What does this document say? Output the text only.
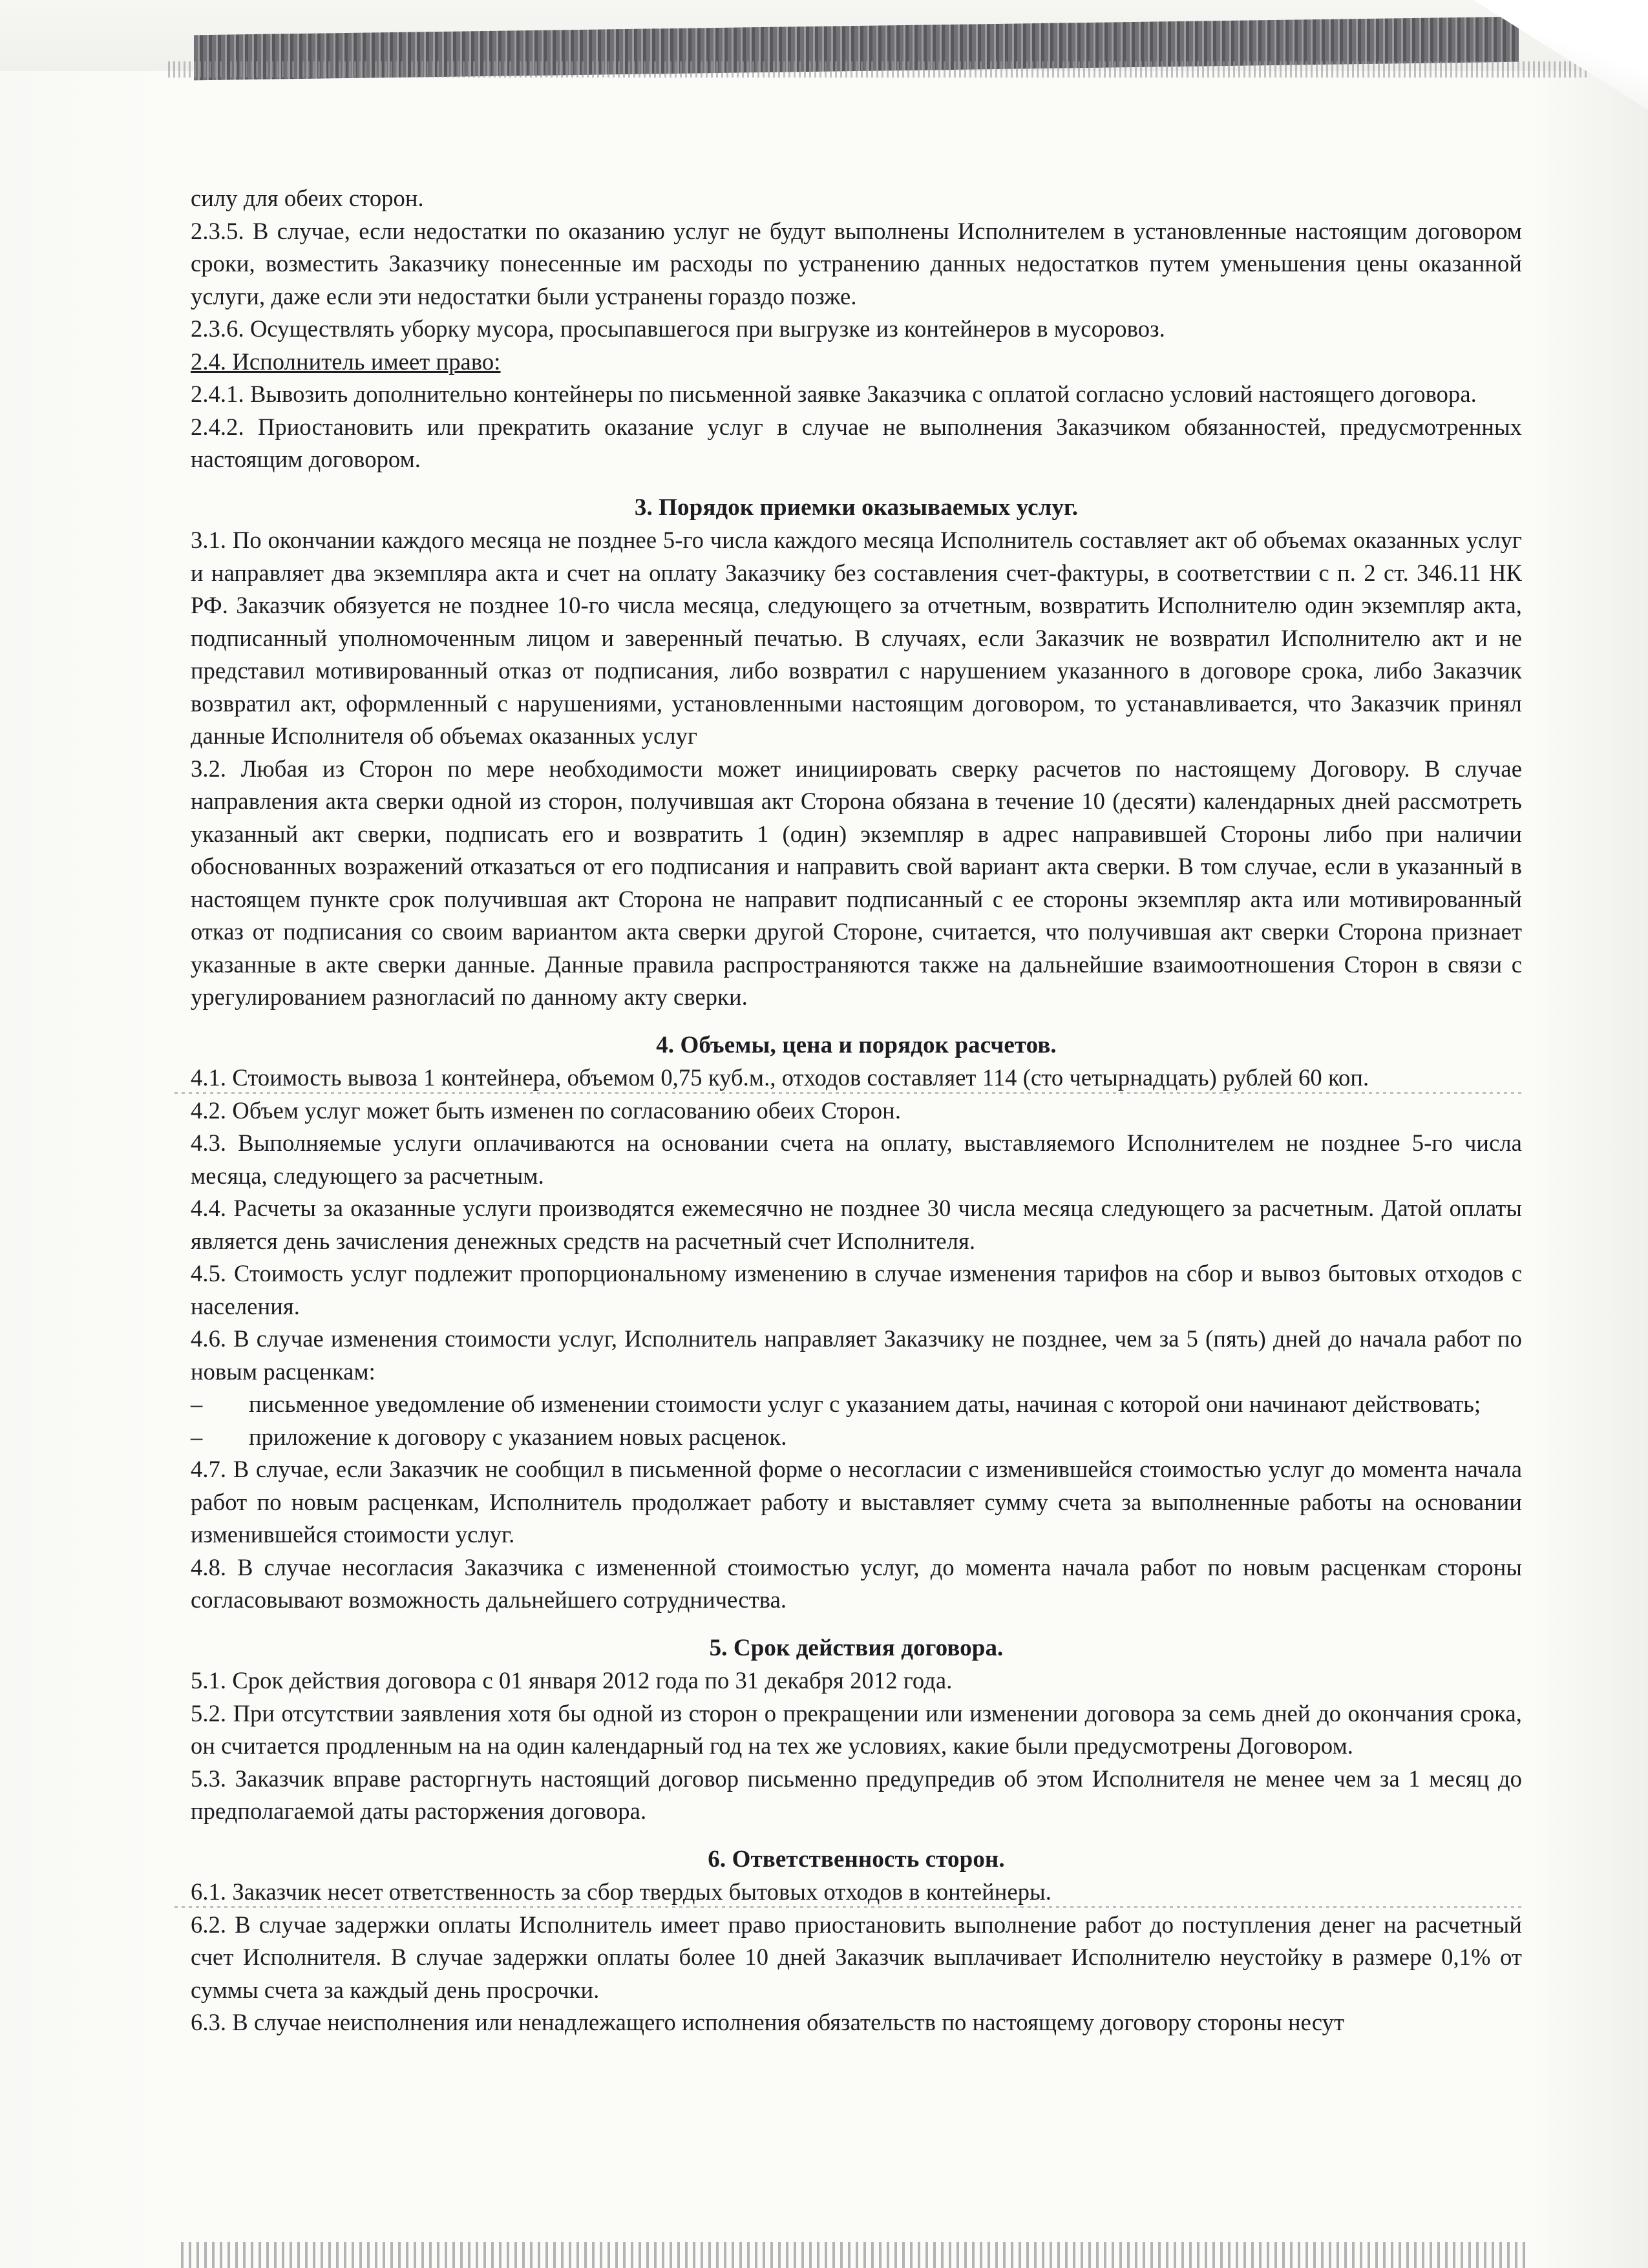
силу для обеих сторон.

2.3.5. В случае, если недостатки по оказанию услуг не будут выполнены Исполнителем в установленные настоящим договором сроки, возместить Заказчику понесенные им расходы по устранению данных недостатков путем уменьшения цены оказанной услуги, даже если эти недостатки были устранены гораздо позже.

2.3.6. Осуществлять уборку мусора, просыпавшегося при выгрузке из контейнеров в мусоровоз.

2.4. Исполнитель имеет право:

2.4.1. Вывозить дополнительно контейнеры по письменной заявке Заказчика с оплатой согласно условий настоящего договора.

2.4.2. Приостановить или прекратить оказание услуг в случае не выполнения Заказчиком обязанностей, предусмотренных настоящим договором.

3. Порядок приемки оказываемых услуг.

3.1. По окончании каждого месяца не позднее 5-го числа каждого месяца Исполнитель составляет акт об объемах оказанных услуг и направляет два экземпляра акта и счет на оплату Заказчику без составления счет-фактуры, в соответствии с п. 2 ст. 346.11 НК РФ. Заказчик обязуется не позднее 10-го числа месяца, следующего за отчетным, возвратить Исполнителю один экземпляр акта, подписанный уполномоченным лицом и заверенный печатью. В случаях, если Заказчик не возвратил Исполнителю акт и не представил мотивированный отказ от подписания, либо возвратил с нарушением указанного в договоре срока, либо Заказчик возвратил акт, оформленный с нарушениями, установленными настоящим договором, то устанавливается, что Заказчик принял данные Исполнителя об объемах оказанных услуг

3.2. Любая из Сторон по мере необходимости может инициировать сверку расчетов по настоящему Договору. В случае направления акта сверки одной из сторон, получившая акт Сторона обязана в течение 10 (десяти) календарных дней рассмотреть указанный акт сверки, подписать его и возвратить 1 (один) экземпляр в адрес направившей Стороны либо при наличии обоснованных возражений отказаться от его подписания и направить свой вариант акта сверки. В том случае, если в указанный в настоящем пункте срок получившая акт Сторона не направит подписанный с ее стороны экземпляр акта или мотивированный отказ от подписания со своим вариантом акта сверки другой Стороне, считается, что получившая акт сверки Сторона признает указанные в акте сверки данные. Данные правила распространяются также на дальнейшие взаимоотношения Сторон в связи с урегулированием разногласий по данному акту сверки.

4. Объемы, цена и порядок расчетов.

4.1. Стоимость вывоза 1 контейнера, объемом 0,75 куб.м., отходов составляет 114 (сто четырнадцать) рублей 60 коп.

4.2. Объем услуг может быть изменен по согласованию обеих Сторон.

4.3. Выполняемые услуги оплачиваются на основании счета на оплату, выставляемого Исполнителем не позднее 5-го числа месяца, следующего за расчетным.

4.4. Расчеты за оказанные услуги производятся ежемесячно не позднее 30 числа месяца следующего за расчетным. Датой оплаты является день зачисления денежных средств на расчетный счет Исполнителя.

4.5. Стоимость услуг подлежит пропорциональному изменению в случае изменения тарифов на сбор и вывоз бытовых отходов с населения.

4.6. В случае изменения стоимости услуг, Исполнитель направляет Заказчику не позднее, чем за 5 (пять) дней до начала работ по новым расценкам:

– письменное уведомление об изменении стоимости услуг с указанием даты, начиная с которой они начинают действовать;

– приложение к договору с указанием новых расценок.

4.7. В случае, если Заказчик не сообщил в письменной форме о несогласии с изменившейся стоимостью услуг до момента начала работ по новым расценкам, Исполнитель продолжает работу и выставляет сумму счета за выполненные работы на основании изменившейся стоимости услуг.

4.8. В случае несогласия Заказчика с измененной стоимостью услуг, до момента начала работ по новым расценкам стороны согласовывают возможность дальнейшего сотрудничества.

5. Срок действия договора.

5.1. Срок действия договора с 01 января 2012 года по 31 декабря 2012 года.

5.2. При отсутствии заявления хотя бы одной из сторон о прекращении или изменении договора за семь дней до окончания срока, он считается продленным на на один календарный год на тех же условиях, какие были предусмотрены Договором.

5.3. Заказчик вправе расторгнуть настоящий договор письменно предупредив об этом Исполнителя не менее чем за 1 месяц до предполагаемой даты расторжения договора.

6. Ответственность сторон.

6.1. Заказчик несет ответственность за сбор твердых бытовых отходов в контейнеры.

6.2. В случае задержки оплаты Исполнитель имеет право приостановить выполнение работ до поступления денег на расчетный счет Исполнителя. В случае задержки оплаты более 10 дней Заказчик выплачивает Исполнителю неустойку в размере 0,1% от суммы счета за каждый день просрочки.

6.3. В случае неисполнения или ненадлежащего исполнения обязательств по настоящему договору стороны несут
